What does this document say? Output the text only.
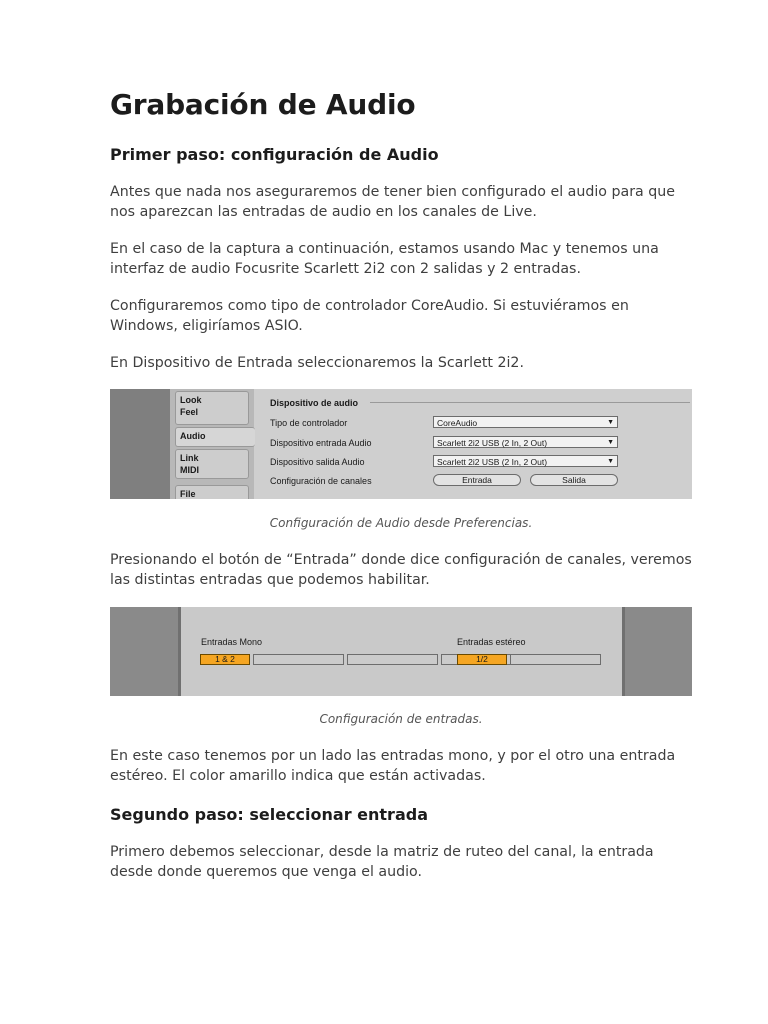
Grabación de Audio
Primer paso: configuración de Audio

Antes que nada nos aseguraremos de tener bien configurado el audio para que nos aparezcan las entradas de audio en los canales de Live.

En el caso de la captura a continuación, estamos usando Mac y tenemos una interfaz de audio Focusrite Scarlett 2i2 con 2 salidas y 2 entradas.

Configuraremos como tipo de controlador CoreAudio. Si estuviéramos en Windows, eligiríamos ASIO.

En Dispositivo de Entrada seleccionaremos la Scarlett 2i2.

Look
Feel
Audio
Link
MIDI
File
Dispositivo de audio
Tipo de controlador	CoreAudio	▼
Dispositivo entrada Audio	Scarlett 2i2 USB (2 In, 2 Out)	▼
Dispositivo salida Audio	Scarlett 2i2 USB (2 In, 2 Out)	▼
Configuración de canales	Entrada	Salida
Configuración de Audio desde Preferencias.

Presionando el botón de “Entrada” donde dice configuración de canales, veremos las distintas entradas que podemos habilitar.

Entradas Mono
1 & 2
Entradas estéreo
1/2
Configuración de entradas.

En este caso tenemos por un lado las entradas mono, y por el otro una entrada estéreo. El color amarillo indica que están activadas.

Segundo paso: seleccionar entrada

Primero debemos seleccionar, desde la matriz de ruteo del canal, la entrada desde donde queremos que venga el audio.
